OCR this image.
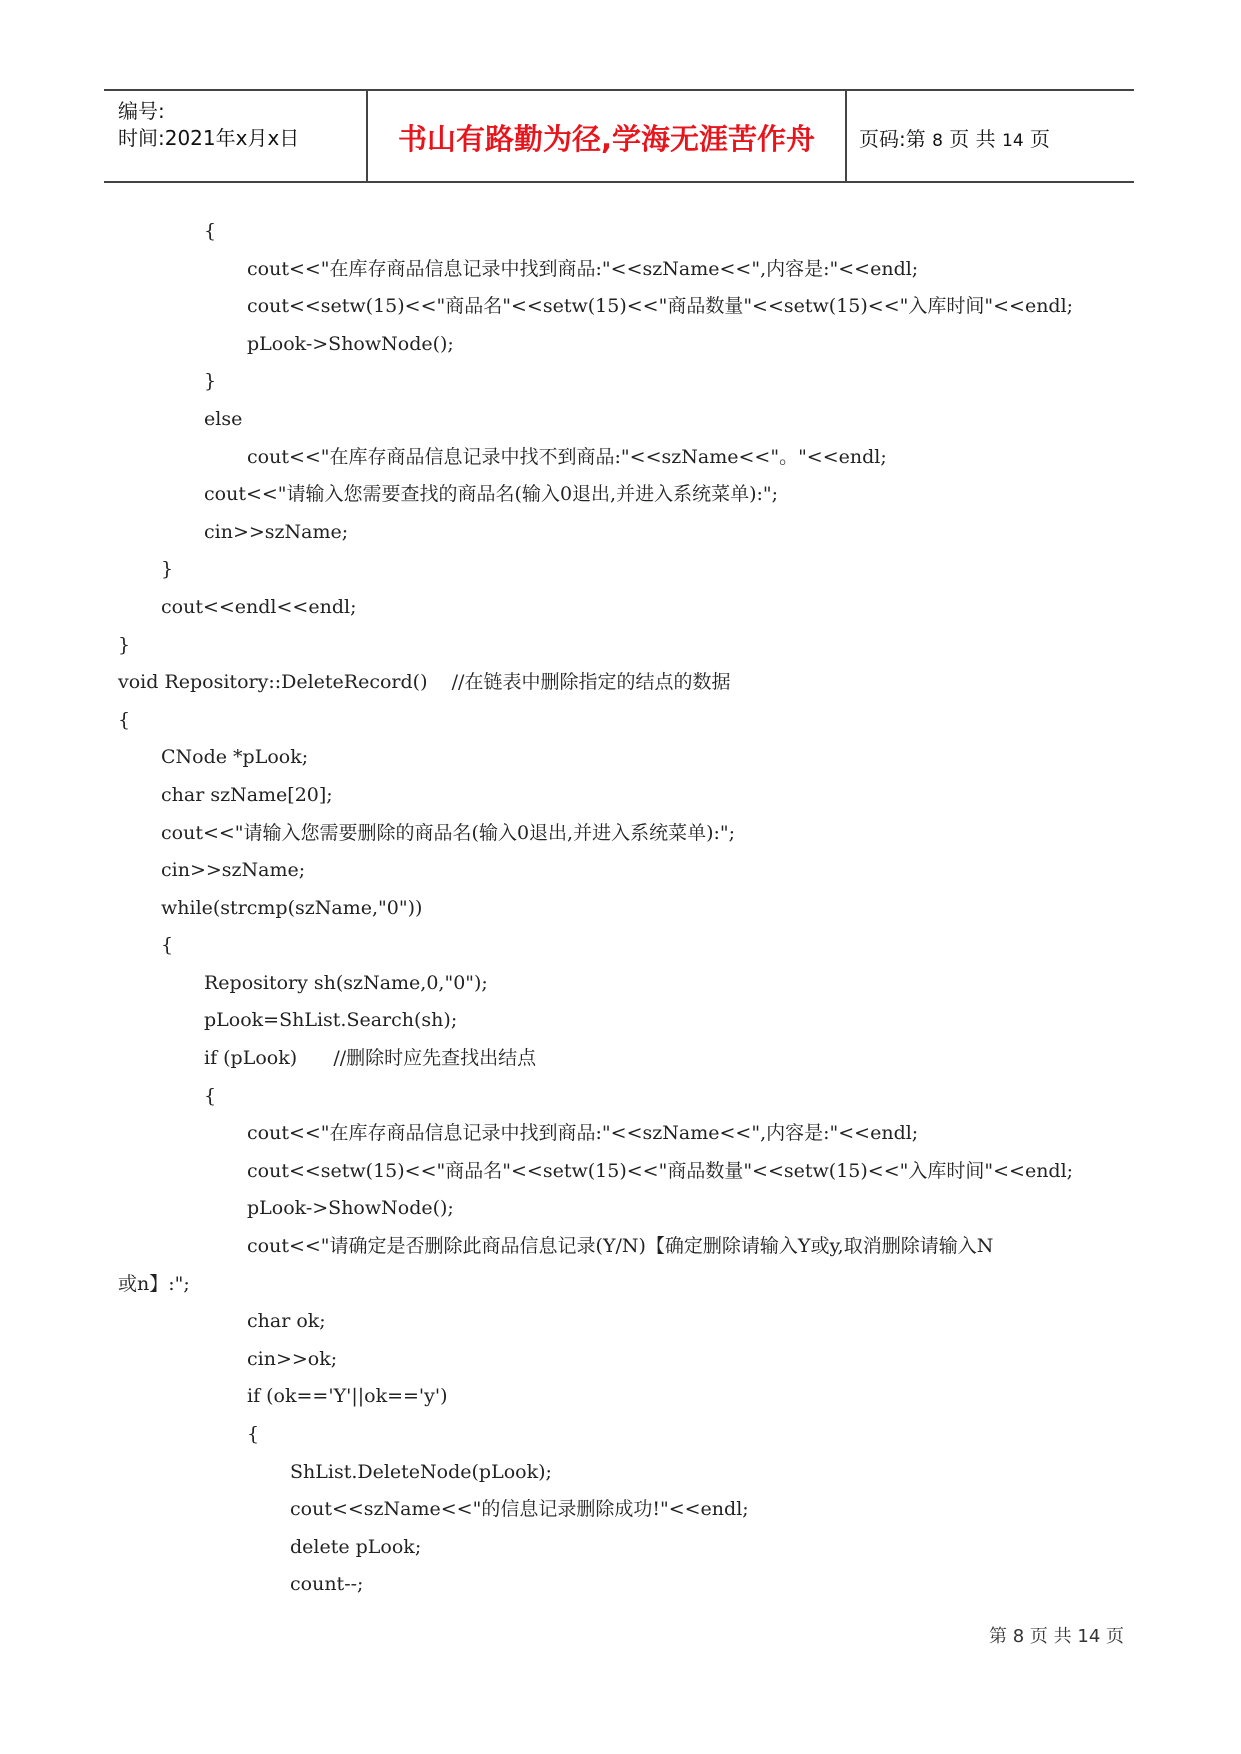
编号:
时间:2021年x月x日	书山有路勤为径,学海无涯苦作舟	页码:第 8 页 共 14 页
{
cout<<"在库存商品信息记录中找到商品:"<<szName<<",内容是:"<<endl;
cout<<setw(15)<<"商品名"<<setw(15)<<"商品数量"<<setw(15)<<"入库时间"<<endl;
pLook->ShowNode();
}
else
cout<<"在库存商品信息记录中找不到商品:"<<szName<<"。"<<endl;
cout<<"请输入您需要查找的商品名(输入0退出,并进入系统菜单):";
cin>>szName;
}
cout<<endl<<endl;
}
void Repository::DeleteRecord()    //在链表中删除指定的结点的数据
{
CNode *pLook;
char szName[20];
cout<<"请输入您需要删除的商品名(输入0退出,并进入系统菜单):";
cin>>szName;
while(strcmp(szName,"0"))
{
Repository sh(szName,0,"0");
pLook=ShList.Search(sh);
if (pLook)      //删除时应先查找出结点
{
cout<<"在库存商品信息记录中找到商品:"<<szName<<",内容是:"<<endl;
cout<<setw(15)<<"商品名"<<setw(15)<<"商品数量"<<setw(15)<<"入库时间"<<endl;
pLook->ShowNode();
cout<<"请确定是否删除此商品信息记录(Y/N)【确定删除请输入Y或y,取消删除请输入N
或n】:";
char ok;
cin>>ok;
if (ok=='Y'||ok=='y')
{
ShList.DeleteNode(pLook);
cout<<szName<<"的信息记录删除成功!"<<endl;
delete pLook;
count--;
第 8 页 共 14 页
